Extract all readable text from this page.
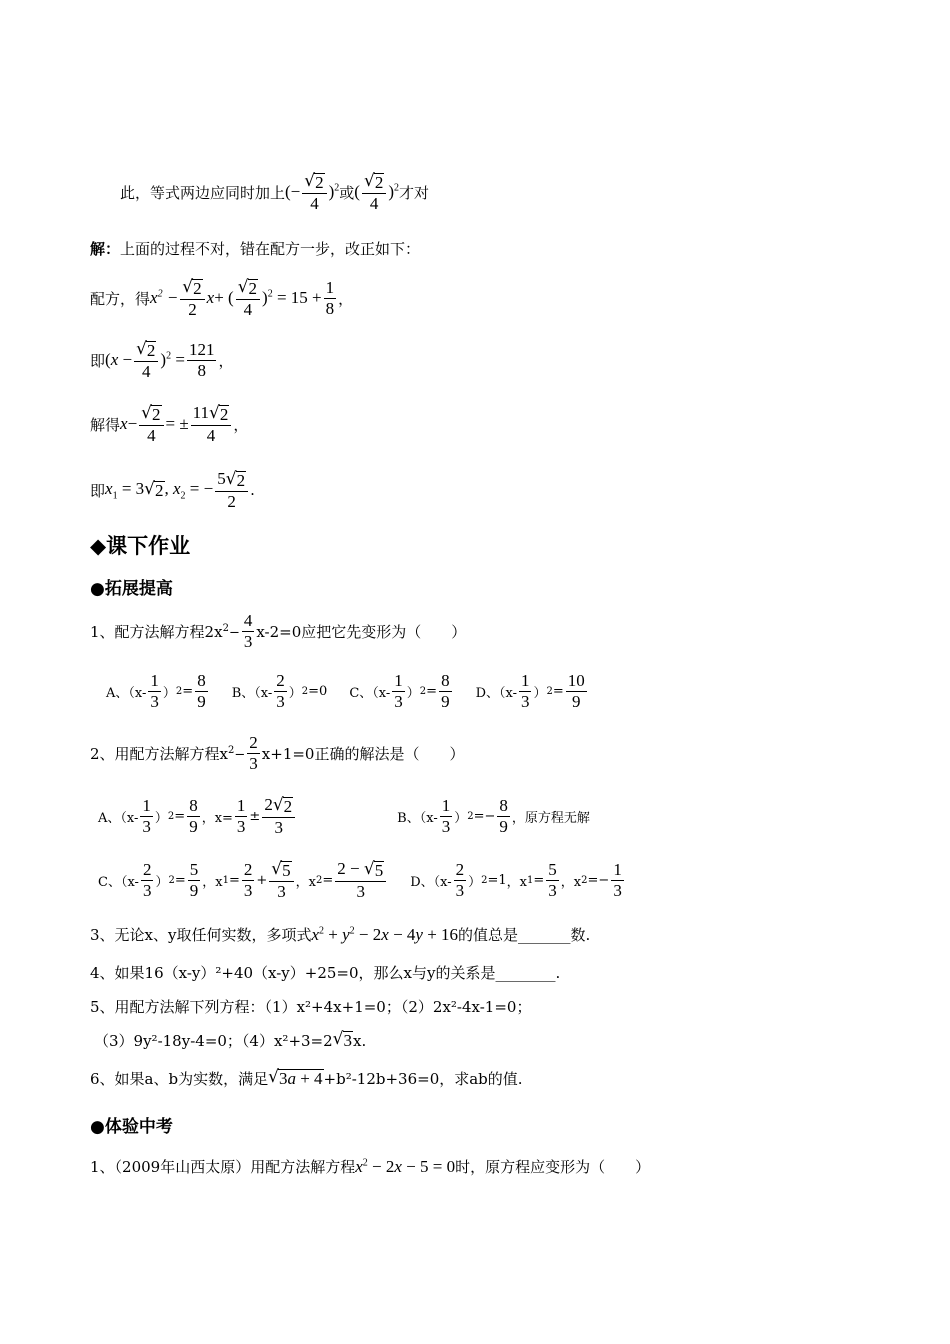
此，等式两边应同时加上 (− $\frac{√ 2}{4} )^2$ 或 ( $\frac{√ 2}{4} )^2$ 才对
解： 上面的过程不对，错在配方一步，改正如下：
配方，得 $x^2 - \frac{√ 2}{2}$ x + ( $\frac{√ 2}{4} )^2 = 15 + \frac{1}{8}$ ，
即 $(x - \frac{√ 2}{4} )^2 = \frac{121}{8}$ ，
解得 $x - \frac{√ 2}{4}$ = ± $\frac{11 √ 2}{4}$ ，
即 $x_1 = 3$ √ 2 , $x_2$ = − $\frac{5 √ 2}{2}$ .
◆课下作业
●拓展提高
1、配方法解方程2x $^2- \frac{4}{3} x-2=0$应把它先变形为（　　）
A、（$x- \frac{1}{3}$ ） $2 = \frac{8}{9}$ B、（$x- \frac{2}{3}$ ） 2 =0 C、（$x- \frac{1}{3}$ ） $2 = \frac{8}{9}$ D、（$x- \frac{1}{3}$ ） $2 = \frac{10}{9}$
2、用配方法解方程x $^2- \frac{2}{3} x+1=0$正确的解法是（　　）
A、（$x- \frac{1}{3}$ ） $2 = \frac{8}{9}$ ，$x= \frac{1}{3} \pm \frac{2 √ 2}{3}$	B、（$x- \frac{1}{3}$ ） $2 =- \frac{8}{9}$ ，原方程无解
C、（$x- \frac{2}{3}$ ） $2 = \frac{5}{9}$ ，x $1 = \frac{2}{3} + \frac{√ 5}{3}$ ，x $2 = \frac{2 - √ 5}{3}$ D、（$x- \frac{2}{3}$ ） 2 =1 ，x $1 = \frac{5}{3}$ ，x $2 =- \frac{1}{3}$
3、无论x、y取任何实数，多项式 $x^2 + y^2 - 2x - 4y + 16$ 的值总是_______数.
4、如果16（x-y）²+40（x-y）+25=0，那么x与y的关系是________.
5、用配方法解下列方程：（1）x²+4x+1=0；（2）2x²-4x-1=0；
（3）9y²-18y-4=0；（4）x²+3=2 √ 3 x.
6、如果a、b为实数，满足 √ 3a + 4 +b²-12b+36=0，求ab的值.
●体验中考
1、（2009年山西太原）用配方法解方程 $x^2 - 2x - 5 = 0$ 时，原方程应变形为（　　）
